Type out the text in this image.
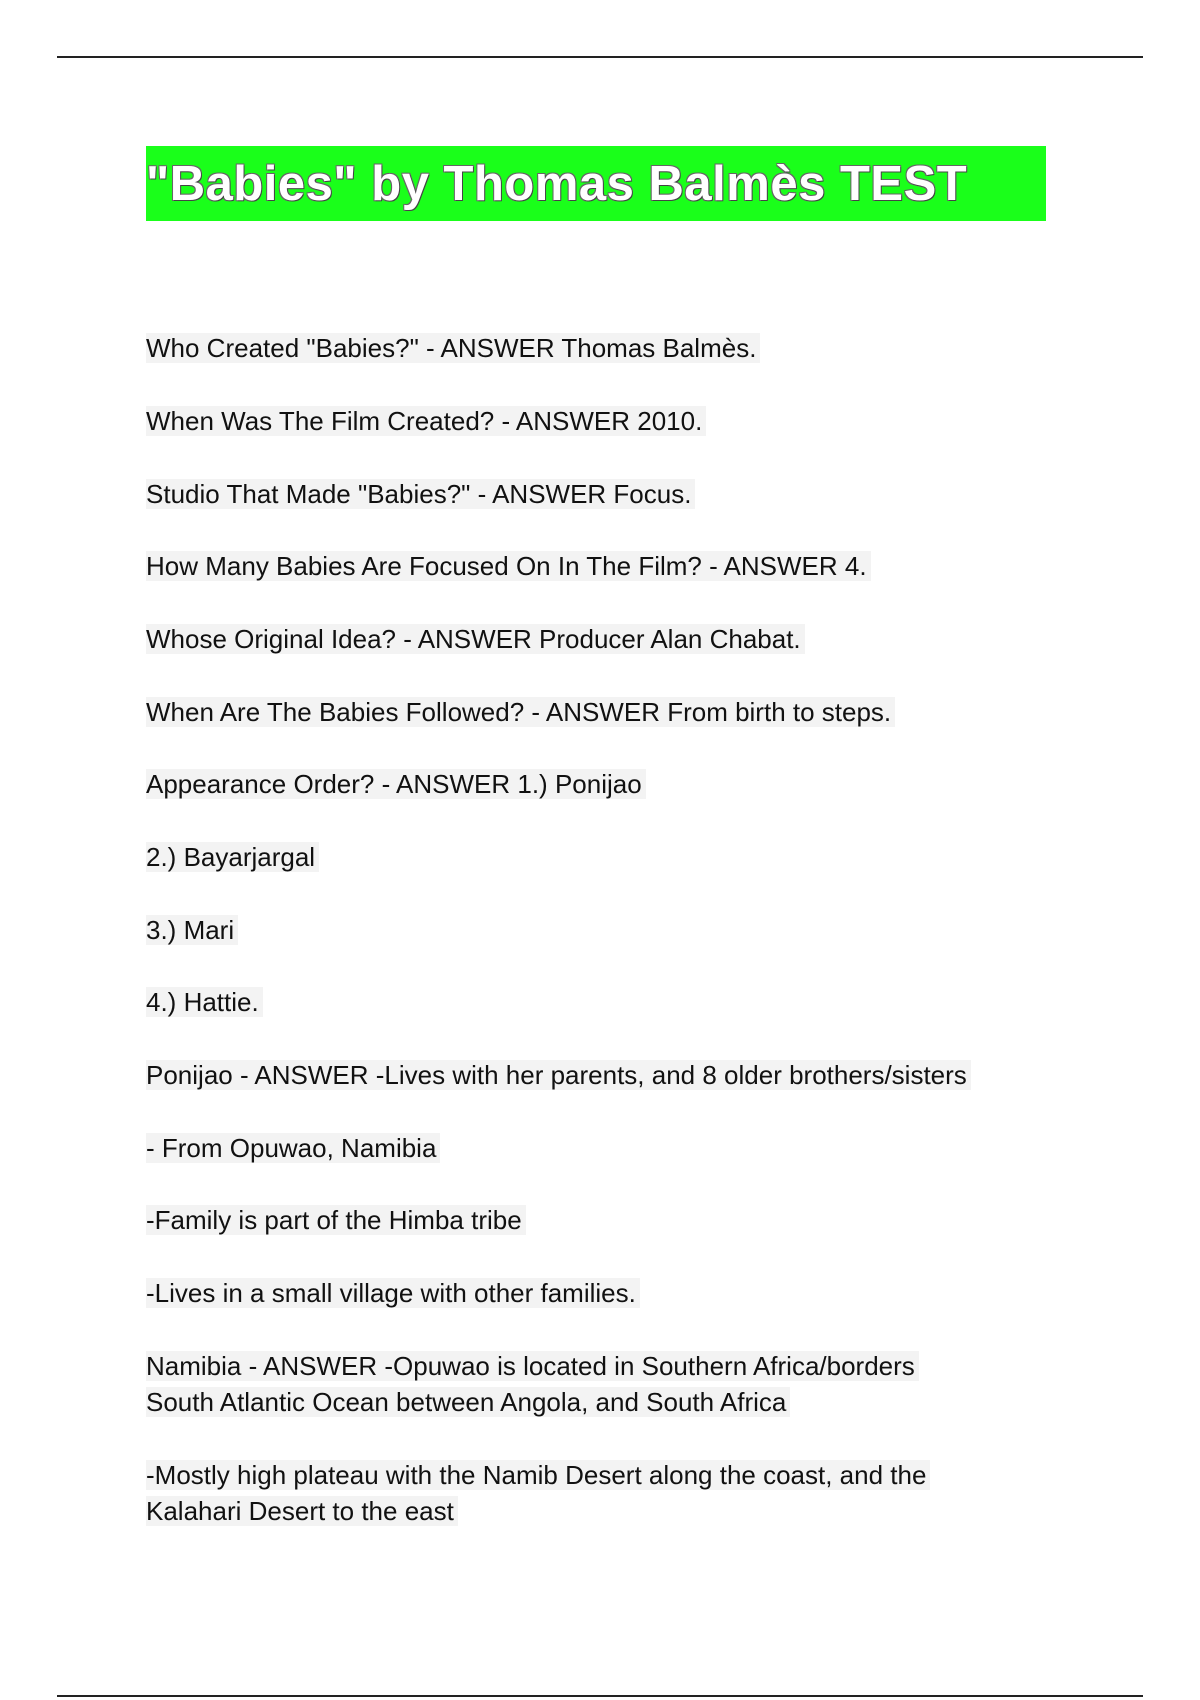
"Babies" by Thomas Balmès TEST
Who Created "Babies?" - ANSWER Thomas Balmès.
When Was The Film Created? - ANSWER 2010.
Studio That Made "Babies?" - ANSWER Focus.
How Many Babies Are Focused On In The Film? - ANSWER 4.
Whose Original Idea? - ANSWER Producer Alan Chabat.
When Are The Babies Followed? - ANSWER From birth to steps.
Appearance Order? - ANSWER 1.) Ponijao
2.) Bayarjargal
3.) Mari
4.) Hattie.
Ponijao - ANSWER -Lives with her parents, and 8 older brothers/sisters
- From Opuwao, Namibia
-Family is part of the Himba tribe
-Lives in a small village with other families.
Namibia - ANSWER -Opuwao is located in Southern Africa/borders
South Atlantic Ocean between Angola, and South Africa
-Mostly high plateau with the Namib Desert along the coast, and the
Kalahari Desert to the east
